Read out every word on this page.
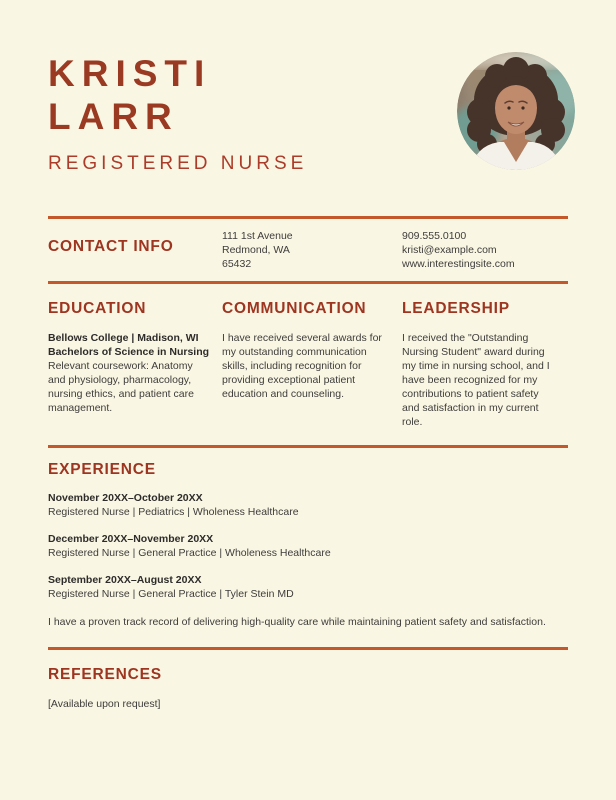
KRISTI
LARR
REGISTERED NURSE
CONTACT INFO
111 1st Avenue
Redmond, WA
65432
909.555.0100
kristi@example.com
www.interestingsite.com
EDUCATION
Bellows College | Madison, WI
Bachelors of Science in Nursing
Relevant coursework: Anatomy and physiology, pharmacology, nursing ethics, and patient care management.
COMMUNICATION
I have received several awards for my outstanding communication skills, including recognition for providing exceptional patient education and counseling.
LEADERSHIP
I received the "Outstanding Nursing Student" award during my time in nursing school, and I have been recognized for my contributions to patient safety and satisfaction in my current role.
EXPERIENCE
November 20XX–October 20XX
Registered Nurse | Pediatrics | Wholeness Healthcare
December 20XX–November 20XX
Registered Nurse | General Practice | Wholeness Healthcare
September 20XX–August 20XX
Registered Nurse | General Practice | Tyler Stein MD
I have a proven track record of delivering high-quality care while maintaining patient safety and satisfaction.
REFERENCES
[Available upon request]
